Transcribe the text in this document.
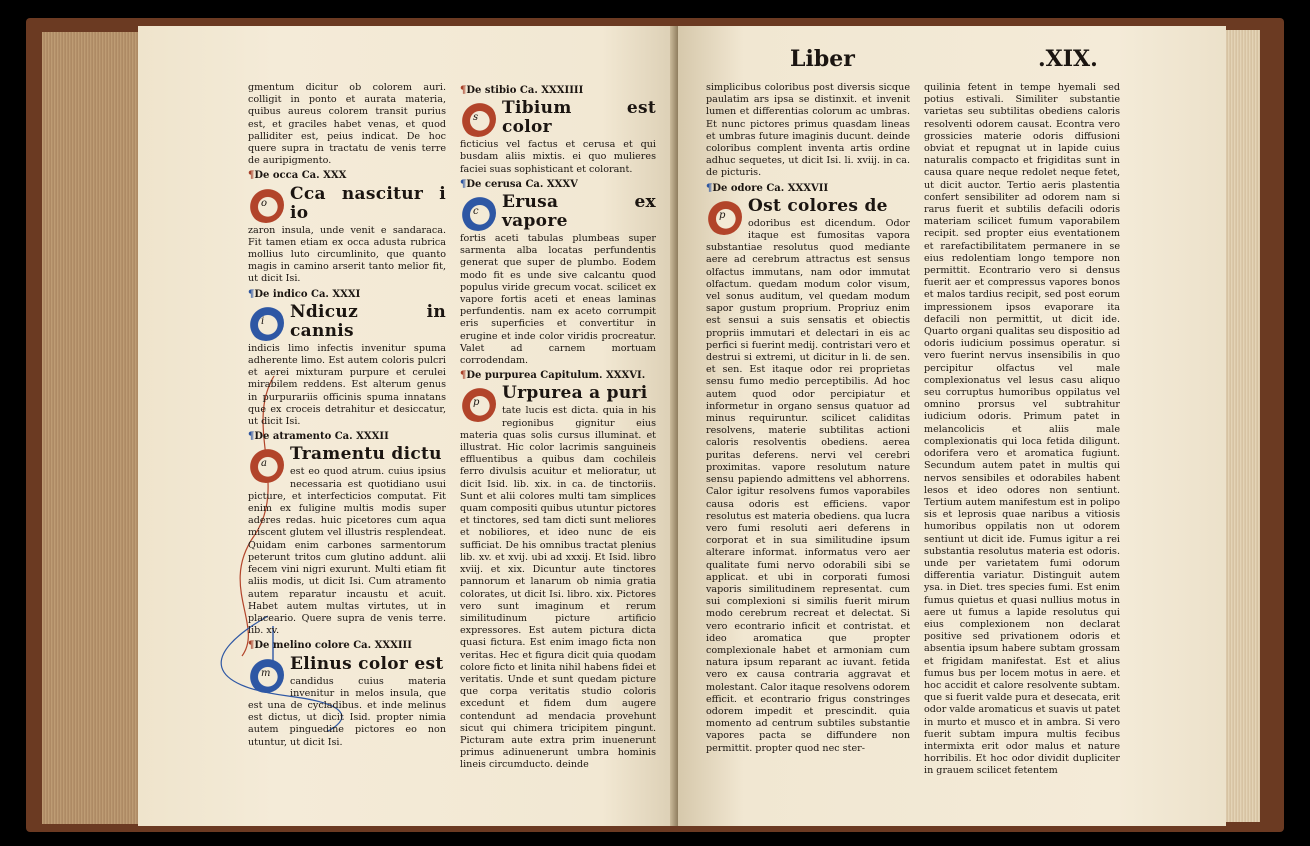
gmentum dicitur ob colorem auri. colligit in ponto et aurata materia, quibus aureus colorem transit purius est, et graciles habet venas, et quod palliditer est, peius indicat. De hoc quere supra in tractatu de venis terre de auripigmento.

¶De occa Ca. XXX
o	Cca nascitur i io

zaron insula, unde venit e sandaraca. Fit tamen etiam ex occa adusta rubrica mollius luto circumlinito, que quanto magis in camino arserit tanto melior fit, ut dicit Isi.

¶De indico Ca. XXXI
i	Ndicuz in cannis

indicis limo infectis invenitur spuma adherente limo. Est autem coloris pulcri et aerei mixturam purpure et cerulei mirabilem reddens. Est alterum genus in purpurariis officinis spuma innatans que ex croceis detrahitur et desiccatur, ut dicit Isi.

¶De atramento Ca. XXXII
a	Tramentu dictu

est eo quod atrum. cuius ipsius necessaria est quotidiano usui picture, et interfecticios computat. Fit enim ex fuligine multis modis super aderes redas. huic picetores cum aqua miscent glutem vel illustris resplendeat. Quidam enim carbones sarmentorum peterunt tritos cum glutino addunt. alii fecem vini nigri exurunt. Multi etiam fit aliis modis, ut dicit Isi. Cum atramento autem reparatur incaustu et acuit. Habet autem multas virtutes, ut in placeario. Quere supra de venis terre. lib. xv.

¶De melino colore Ca. XXXIII
m	Elinus color est

candidus cuius materia invenitur in melos insula, que est una de cycladibus. et inde melinus est dictus, ut dicit Isid. propter nimia autem pinguedine pictores eo non utuntur, ut dicit Isi.

¶De stibio Ca. XXXIIII
s	Tibium est color

ficticius vel factus et cerusa et qui busdam aliis mixtis. ei quo mulieres faciei suas sophisticant et colorant.

¶De cerusa Ca. XXXV
c	Erusa ex vapore

fortis aceti tabulas plumbeas super sarmenta alba locatas perfundentis generat que super de plumbo. Eodem modo fit es unde sive calcantu quod populus viride grecum vocat. scilicet ex vapore fortis aceti et eneas laminas perfundentis. nam ex aceto corrumpit eris superficies et convertitur in erugine et inde color viridis procreatur. Valet ad carnem mortuam corrodendam.

¶De purpurea Capitulum. XXXVI.
p	Urpurea a puri

tate lucis est dicta. quia in his regionibus gignitur eius materia quas solis cursus illuminat. et illustrat. Hic color lacrimis sanguineis effluentibus a quibus dam cochileis ferro divulsis acuitur et melioratur, ut dicit Isid. lib. xix. in ca. de tinctoriis. Sunt et alii colores multi tam simplices quam compositi quibus utuntur pictores et tinctores, sed tam dicti sunt meliores et nobiliores, et ideo nunc de eis sufficiat. De his omnibus tractat plenius lib. xv. et xvij. ubi ad xxxij. Et Isid. libro xviij. et xix. Dicuntur aute tinctores pannorum et lanarum ob nimia gratia colorates, ut dicit Isi. libro. xix. Pictores vero sunt imaginum et rerum similitudinum picture artificio expressores. Est autem pictura dicta quasi fictura. Est enim imago ficta non veritas. Hec et figura dicit quia quodam colore ficto et linita nihil habens fidei et veritatis. Unde et sunt quedam picture que corpa veritatis studio coloris excedunt et fidem dum augere contendunt ad mendacia provehunt sicut qui chimera tricipitem pingunt. Picturam aute extra prim inuenerunt primus adinuenerunt umbra hominis lineis circumducto. deinde

Liber	.XIX.

simplicibus coloribus post diversis sicque paulatim ars ipsa se distinxit. et invenit lumen et differentias colorum ac umbras. Et nunc pictores primus quasdam lineas et umbras future imaginis ducunt. deinde coloribus complent inventa artis ordine adhuc sequetes, ut dicit Isi. li. xviij. in ca. de picturis.

¶De odore Ca. XXXVII
p	Ost colores de

odoribus est dicendum. Odor itaque est fumositas vapora substantiae resolutus quod mediante aere ad cerebrum attractus est sensus olfactus immutans, nam odor immutat olfactum. quedam modum color visum, vel sonus auditum, vel quedam modum sapor gustum proprium. Propriuz enim est sensui a suis sensatis et obiectis propriis immutari et delectari in eis ac perfici si fuerint medij. contristari vero et destrui si extremi, ut dicitur in li. de sen. et sen. Est itaque odor rei proprietas sensu fumo medio perceptibilis. Ad hoc autem quod odor percipiatur et informetur in organo sensus quatuor ad minus requiruntur. scilicet caliditas resolvens, materie subtilitas actioni caloris resolventis obediens. aerea puritas deferens. nervi vel cerebri proximitas. vapore resolutum nature sensu papiendo admittens vel abhorrens. Calor igitur resolvens fumos vaporabiles causa odoris est efficiens. vapor resolutus est materia obediens. qua lucra vero fumi resoluti aeri deferens in corporat et in sua similitudine ipsum alterare informat. informatus vero aer qualitate fumi nervo odorabili sibi se applicat. et ubi in corporati fumosi vaporis similitudinem representat. cum sui complexioni si similis fuerit mirum modo cerebrum recreat et delectat. Si vero econtrario inficit et contristat. et ideo aromatica que propter complexionale habet et armoniam cum natura ipsum reparant ac iuvant. fetida vero ex causa contraria aggravat et molestant. Calor itaque resolvens odorem efficit. et econtrario frigus constringes odorem impedit et prescindit. quia momento ad centrum subtiles substantie vapores pacta se diffundere non permittit. propter quod nec ster-

quilinia fetent in tempe hyemali sed potius estivali. Similiter substantie varietas seu subtilitas obediens caloris resolventi odorem causat. Econtra vero grossicies materie odoris diffusioni obviat et repugnat ut in lapide cuius naturalis compacto et frigiditas sunt in causa quare neque redolet neque fetet, ut dicit auctor. Tertio aeris plastentia confert sensibiliter ad odorem nam si rarus fuerit et subtilis defacili odoris materiam scilicet fumum vaporabilem recipit. sed propter eius eventationem et rarefactibilitatem permanere in se eius redolentiam longo tempore non permittit. Econtrario vero si densus fuerit aer et compressus vapores bonos et malos tardius recipit, sed post eorum impressionem ipsos evaporare ita defacili non permittit, ut dicit ide. Quarto organi qualitas seu dispositio ad odoris iudicium possimus operatur. si vero fuerint nervus insensibilis in quo percipitur olfactus vel male complexionatus vel lesus casu aliquo seu corruptus humoribus oppilatus vel omnino prorsus vel subtrahitur iudicium odoris. Primum patet in melancolicis et aliis male complexionatis qui loca fetida diligunt. odorifera vero et aromatica fugiunt. Secundum autem patet in multis qui nervos sensibiles et odorabiles habent lesos et ideo odores non sentiunt. Tertium autem manifestum est in polipo sis et leprosis quae naribus a vitiosis humoribus oppilatis non ut odorem sentiunt ut dicit ide. Fumus igitur a rei substantia resolutus materia est odoris. unde per varietatem fumi odorum differentia variatur. Distinguit autem ysa. in Diet. tres species fumi. Est enim fumus quietus et quasi nullius motus in aere ut fumus a lapide resolutus qui eius complexionem non declarat positive sed privationem odoris et absentia ipsum habere subtam grossam et frigidam manifestat. Est et alius fumus bus per locem motus in aere. et hoc accidit et calore resolvente subtam. que si fuerit valde pura et desecata, erit odor valde aromaticus et suavis ut patet in murto et musco et in ambra. Si vero fuerit subtam impura multis fecibus intermixta erit odor malus et nature horribilis. Et hoc odor dividit dupliciter in grauem scilicet fetentem
